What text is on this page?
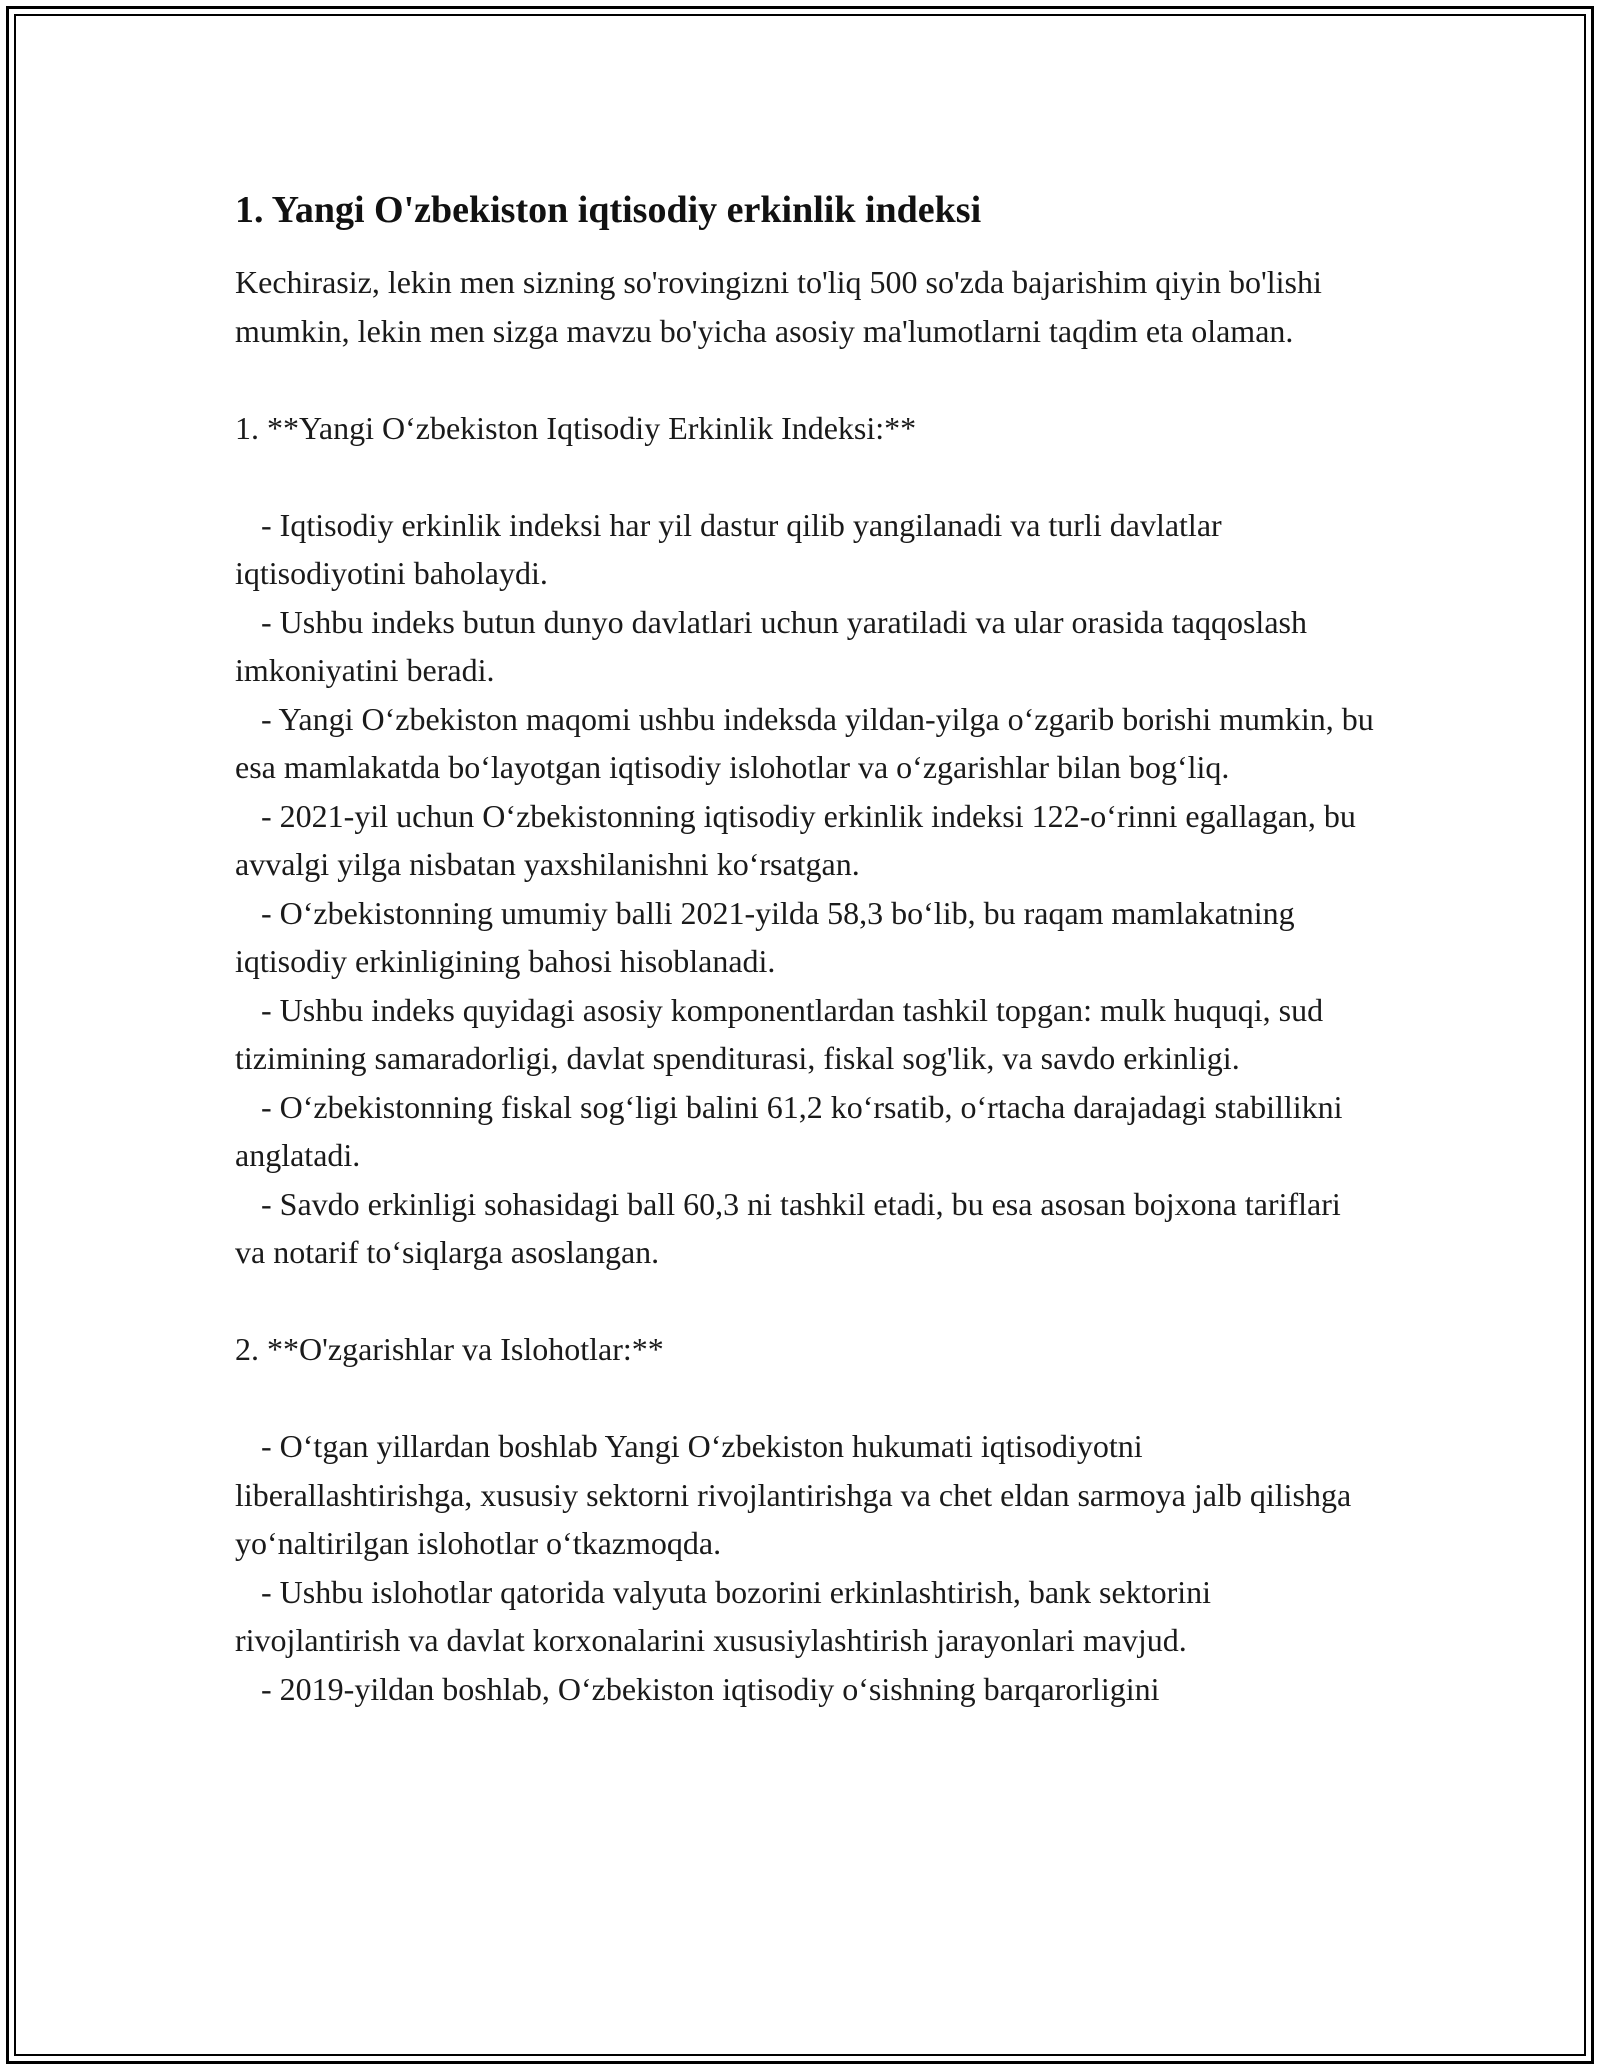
1. Yangi O'zbekiston iqtisodiy erkinlik indeksi

Kechirasiz, lekin men sizning so'rovingizni to'liq 500 so'zda bajarishim qiyin bo'lishi mumkin, lekin men sizga mavzu bo'yicha asosiy ma'lumotlarni taqdim eta olaman.

1. **Yangi O‘zbekiston Iqtisodiy Erkinlik Indeksi:**

- Iqtisodiy erkinlik indeksi har yil dastur qilib yangilanadi va turli davlatlar iqtisodiyotini baholaydi.

- Ushbu indeks butun dunyo davlatlari uchun yaratiladi va ular orasida taqqoslash imkoniyatini beradi.

- Yangi O‘zbekiston maqomi ushbu indeksda yildan-yilga o‘zgarib borishi mumkin, bu esa mamlakatda bo‘layotgan iqtisodiy islohotlar va o‘zgarishlar bilan bog‘liq.

- 2021-yil uchun O‘zbekistonning iqtisodiy erkinlik indeksi 122-o‘rinni egallagan, bu avvalgi yilga nisbatan yaxshilanishni ko‘rsatgan.

- O‘zbekistonning umumiy balli 2021-yilda 58,3 bo‘lib, bu raqam mamlakatning iqtisodiy erkinligining bahosi hisoblanadi.

- Ushbu indeks quyidagi asosiy komponentlardan tashkil topgan: mulk huquqi, sud tizimining samaradorligi, davlat spenditurasi, fiskal sog'lik, va savdo erkinligi.

- O‘zbekistonning fiskal sog‘ligi balini 61,2 ko‘rsatib, o‘rtacha darajadagi stabillikni anglatadi.

- Savdo erkinligi sohasidagi ball 60,3 ni tashkil etadi, bu esa asosan bojxona tariflari va notarif to‘siqlarga asoslangan.

2. **O'zgarishlar va Islohotlar:**

- O‘tgan yillardan boshlab Yangi O‘zbekiston hukumati iqtisodiyotni liberallashtirishga, xususiy sektorni rivojlantirishga va chet eldan sarmoya jalb qilishga yo‘naltirilgan islohotlar o‘tkazmoqda.

- Ushbu islohotlar qatorida valyuta bozorini erkinlashtirish, bank sektorini rivojlantirish va davlat korxonalarini xususiylashtirish jarayonlari mavjud.

- 2019-yildan boshlab, O‘zbekiston iqtisodiy o‘sishning barqarorligini
